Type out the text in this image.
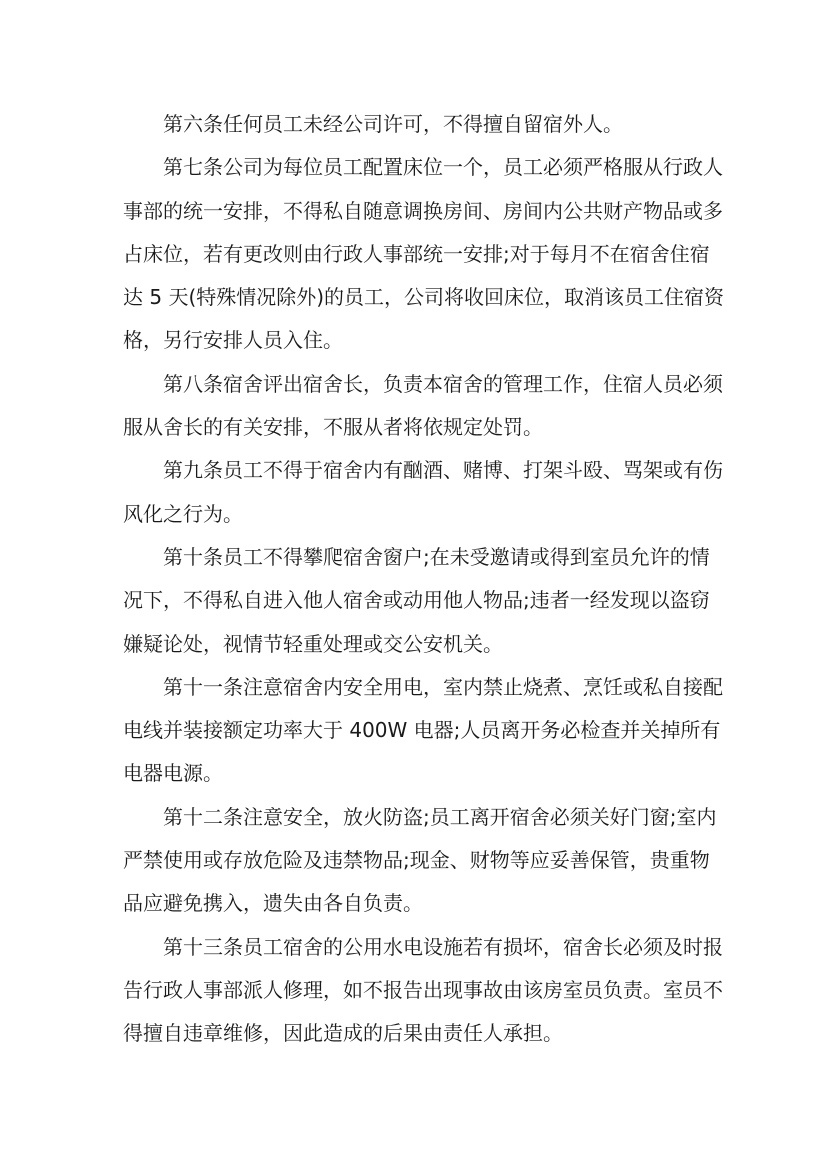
第六条任何员工未经公司许可，不得擅自留宿外人。
第七条公司为每位员工配置床位一个，员工必须严格服从行政人
事部的统一安排，不得私自随意调换房间、房间内公共财产物品或多
占床位，若有更改则由行政人事部统一安排;对于每月不在宿舍住宿
达 5 天(特殊情况除外)的员工，公司将收回床位，取消该员工住宿资
格，另行安排人员入住。
第八条宿舍评出宿舍长，负责本宿舍的管理工作，住宿人员必须
服从舍长的有关安排，不服从者将依规定处罚。
第九条员工不得于宿舍内有酗酒、赌博、打架斗殴、骂架或有伤
风化之行为。
第十条员工不得攀爬宿舍窗户;在未受邀请或得到室员允许的情
况下，不得私自进入他人宿舍或动用他人物品;违者一经发现以盗窃
嫌疑论处，视情节轻重处理或交公安机关。
第十一条注意宿舍内安全用电，室内禁止烧煮、烹饪或私自接配
电线并装接额定功率大于 400W 电器;人员离开务必检查并关掉所有
电器电源。
第十二条注意安全，放火防盗;员工离开宿舍必须关好门窗;室内
严禁使用或存放危险及违禁物品;现金、财物等应妥善保管，贵重物
品应避免携入，遗失由各自负责。
第十三条员工宿舍的公用水电设施若有损坏，宿舍长必须及时报
告行政人事部派人修理，如不报告出现事故由该房室员负责。室员不
得擅自违章维修，因此造成的后果由责任人承担。
